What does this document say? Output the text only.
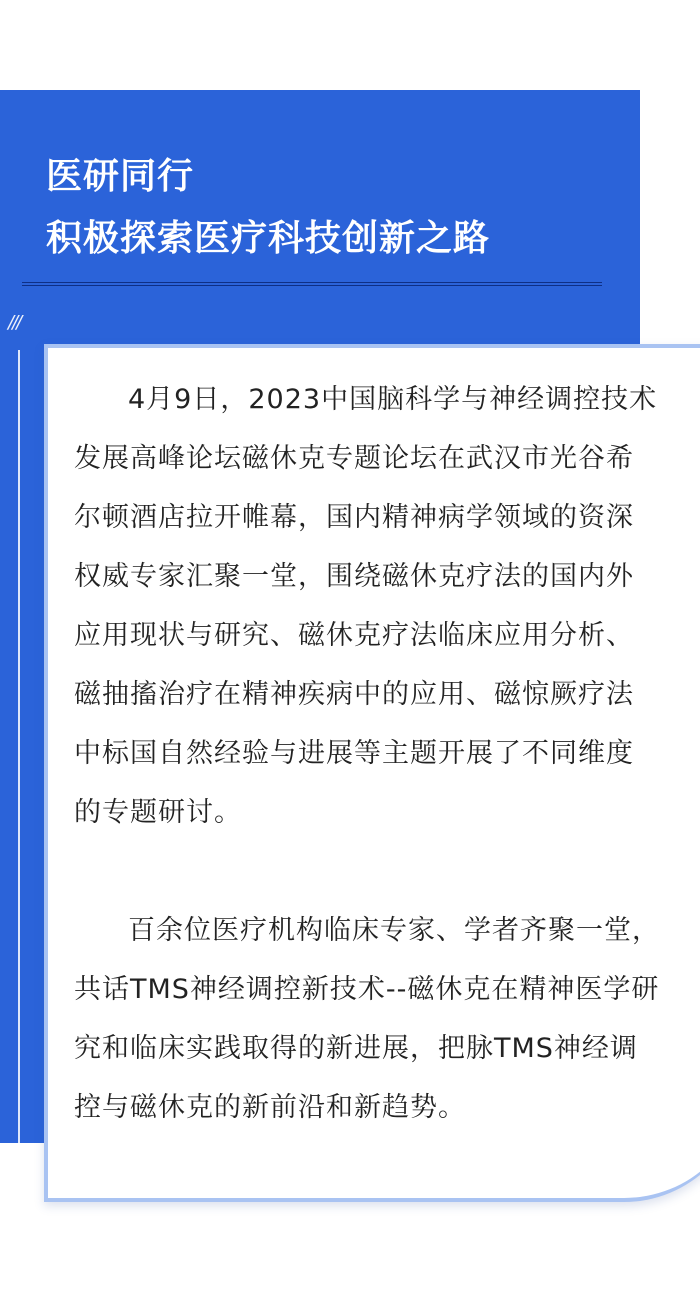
医研同行
积极探索医疗科技创新之路
///

4月9日，2023中国脑科学与神经调控技术发展高峰论坛磁休克专题论坛在武汉市光谷希尔顿酒店拉开帷幕，国内精神病学领域的资深权威专家汇聚一堂，围绕磁休克疗法的国内外应用现状与研究、磁休克疗法临床应用分析、磁抽搐治疗在精神疾病中的应用、磁惊厥疗法中标国自然经验与进展等主题开展了不同维度的专题研讨。

百余位医疗机构临床专家、学者齐聚一堂，共话TMS神经调控新技术--磁休克在精神医学研究和临床实践取得的新进展，把脉TMS神经调控与磁休克的新前沿和新趋势。
